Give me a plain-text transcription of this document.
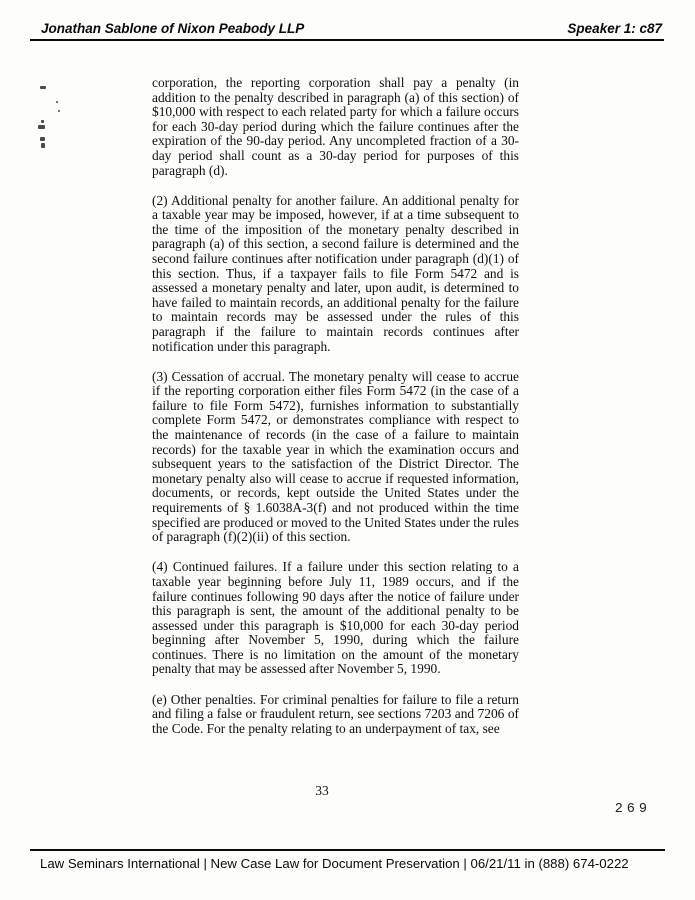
Jonathan Sablone of Nixon Peabody LLP	Speaker 1: c87

corporation, the reporting corporation shall pay a penalty (in addition to the penalty described in paragraph (a) of this section) of $10,000 with respect to each related party for which a failure occurs for each 30-day period during which the failure continues after the expiration of the 90-day period. Any uncompleted fraction of a 30-day period shall count as a 30-day period for purposes of this paragraph (d).

(2) Additional penalty for another failure. An additional penalty for a taxable year may be imposed, however, if at a time subsequent to the time of the imposition of the monetary penalty described in paragraph (a) of this section, a second failure is determined and the second failure continues after notification under paragraph (d)(1) of this section. Thus, if a taxpayer fails to file Form 5472 and is assessed a monetary penalty and later, upon audit, is determined to have failed to maintain records, an additional penalty for the failure to maintain records may be assessed under the rules of this paragraph if the failure to maintain records continues after notification under this paragraph.

(3) Cessation of accrual. The monetary penalty will cease to accrue if the reporting corporation either files Form 5472 (in the case of a failure to file Form 5472), furnishes information to substantially complete Form 5472, or demonstrates compliance with respect to the maintenance of records (in the case of a failure to maintain records) for the taxable year in which the examination occurs and subsequent years to the satisfaction of the District Director. The monetary penalty also will cease to accrue if requested information, documents, or records, kept outside the United States under the requirements of § 1.6038A-3(f) and not produced within the time specified are produced or moved to the United States under the rules of paragraph (f)(2)(ii) of this section.

(4) Continued failures. If a failure under this section relating to a taxable year beginning before July 11, 1989 occurs, and if the failure continues following 90 days after the notice of failure under this paragraph is sent, the amount of the additional penalty to be assessed under this paragraph is $10,000 for each 30-day period beginning after November 5, 1990, during which the failure continues. There is no limitation on the amount of the monetary penalty that may be assessed after November 5, 1990.

(e) Other penalties. For criminal penalties for failure to file a return and filing a false or fraudulent return, see sections 7203 and 7206 of the Code. For the penalty relating to an underpayment of tax, see

33
269
Law Seminars International | New Case Law for Document Preservation | 06/21/11 in (888) 674-0222
